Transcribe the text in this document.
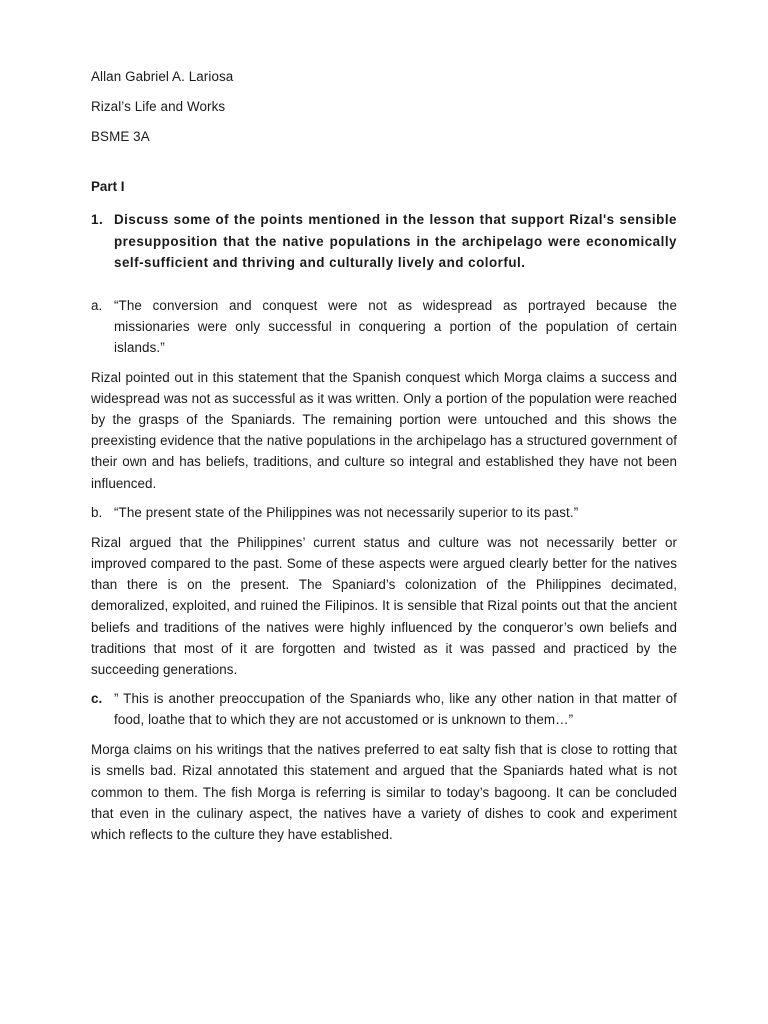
Allan Gabriel A. Lariosa
Rizal’s Life and Works
BSME 3A
Part I
1. Discuss some of the points mentioned in the lesson that support Rizal's sensible presupposition that the native populations in the archipelago were economically self-sufficient and thriving and culturally lively and colorful.
a. “The conversion and conquest were not as widespread as portrayed because the missionaries were only successful in conquering a portion of the population of certain islands.”

Rizal pointed out in this statement that the Spanish conquest which Morga claims a success and widespread was not as successful as it was written. Only a portion of the population were reached by the grasps of the Spaniards. The remaining portion were untouched and this shows the preexisting evidence that the native populations in the archipelago has a structured government of their own and has beliefs, traditions, and culture so integral and established they have not been influenced.

b. “The present state of the Philippines was not necessarily superior to its past.”

Rizal argued that the Philippines’ current status and culture was not necessarily better or improved compared to the past. Some of these aspects were argued clearly better for the natives than there is on the present. The Spaniard’s colonization of the Philippines decimated, demoralized, exploited, and ruined the Filipinos. It is sensible that Rizal points out that the ancient beliefs and traditions of the natives were highly influenced by the conqueror’s own beliefs and traditions that most of it are forgotten and twisted as it was passed and practiced by the succeeding generations.

c. ” This is another preoccupation of the Spaniards who, like any other nation in that matter of food, loathe that to which they are not accustomed or is unknown to them…”

Morga claims on his writings that the natives preferred to eat salty fish that is close to rotting that is smells bad. Rizal annotated this statement and argued that the Spaniards hated what is not common to them. The fish Morga is referring is similar to today’s bagoong. It can be concluded that even in the culinary aspect, the natives have a variety of dishes to cook and experiment which reflects to the culture they have established.
